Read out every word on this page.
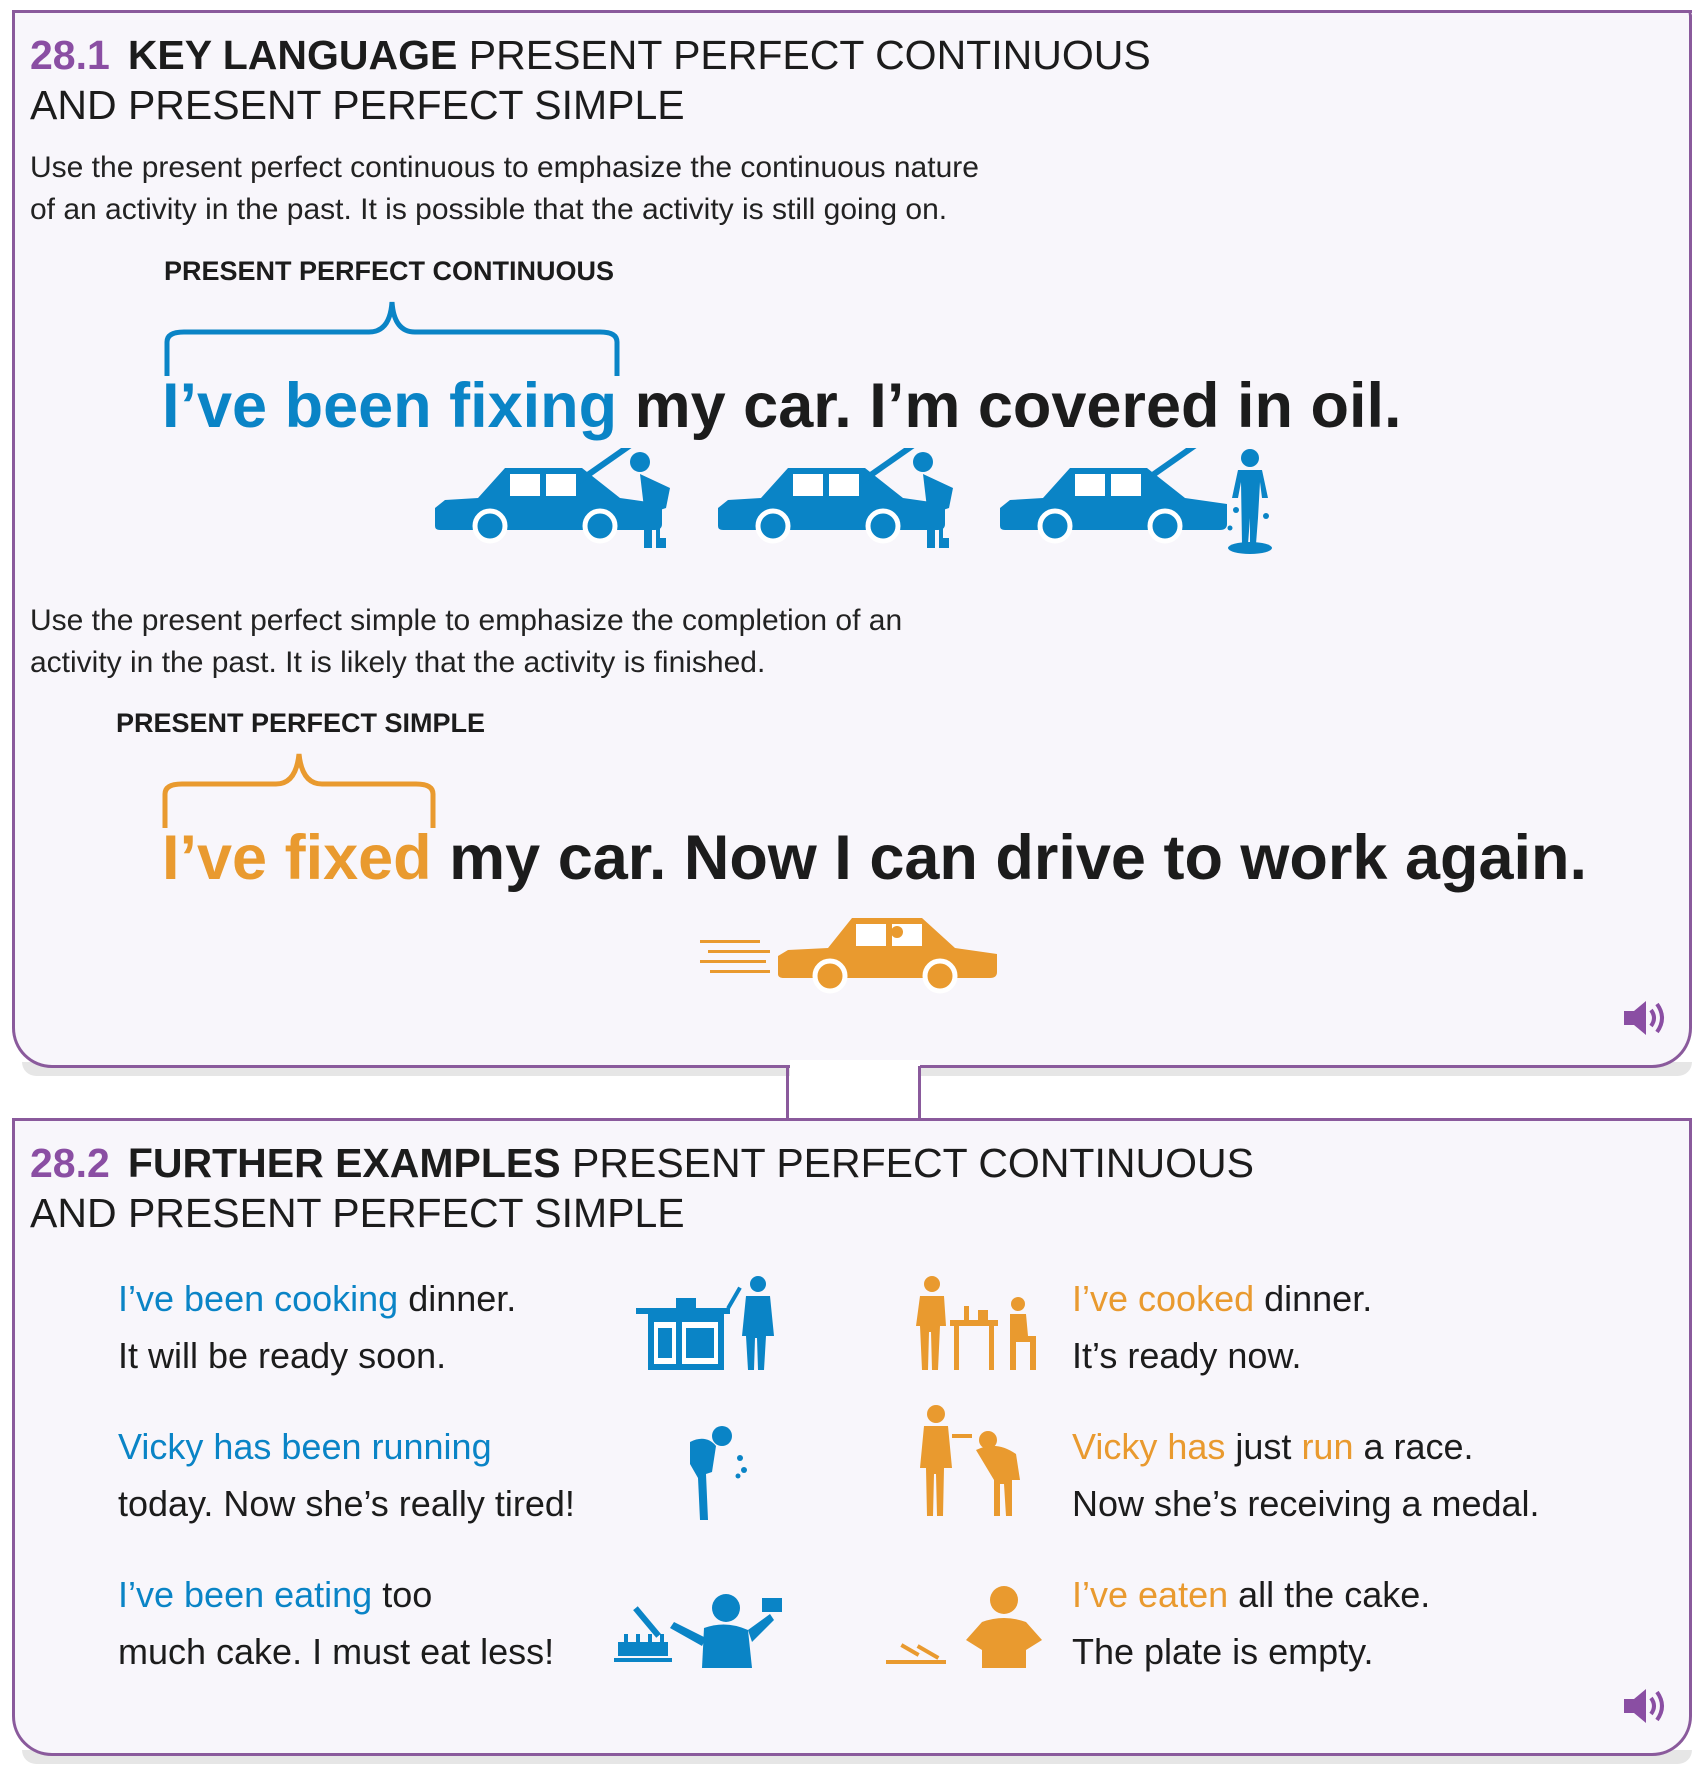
28.1 KEY LANGUAGE PRESENT PERFECT CONTINUOUS
AND PRESENT PERFECT SIMPLE
Use the present perfect continuous to emphasize the continuous nature
of an activity in the past. It is possible that the activity is still going on.
PRESENT PERFECT CONTINUOUS
I’ve been fixing my car. I’m covered in oil.
Use the present perfect simple to emphasize the completion of an
activity in the past. It is likely that the activity is finished.
PRESENT PERFECT SIMPLE
I’ve fixed my car. Now I can drive to work again.
28.2 FURTHER EXAMPLES PRESENT PERFECT CONTINUOUS
AND PRESENT PERFECT SIMPLE
I’ve been cooking dinner.
It will be ready soon.
Vicky has been running
today. Now she’s really tired!
I’ve been eating too
much cake. I must eat less!
I’ve cooked dinner.
It’s ready now.
Vicky has just run a race.
Now she’s receiving a medal.
I’ve eaten all the cake.
The plate is empty.
